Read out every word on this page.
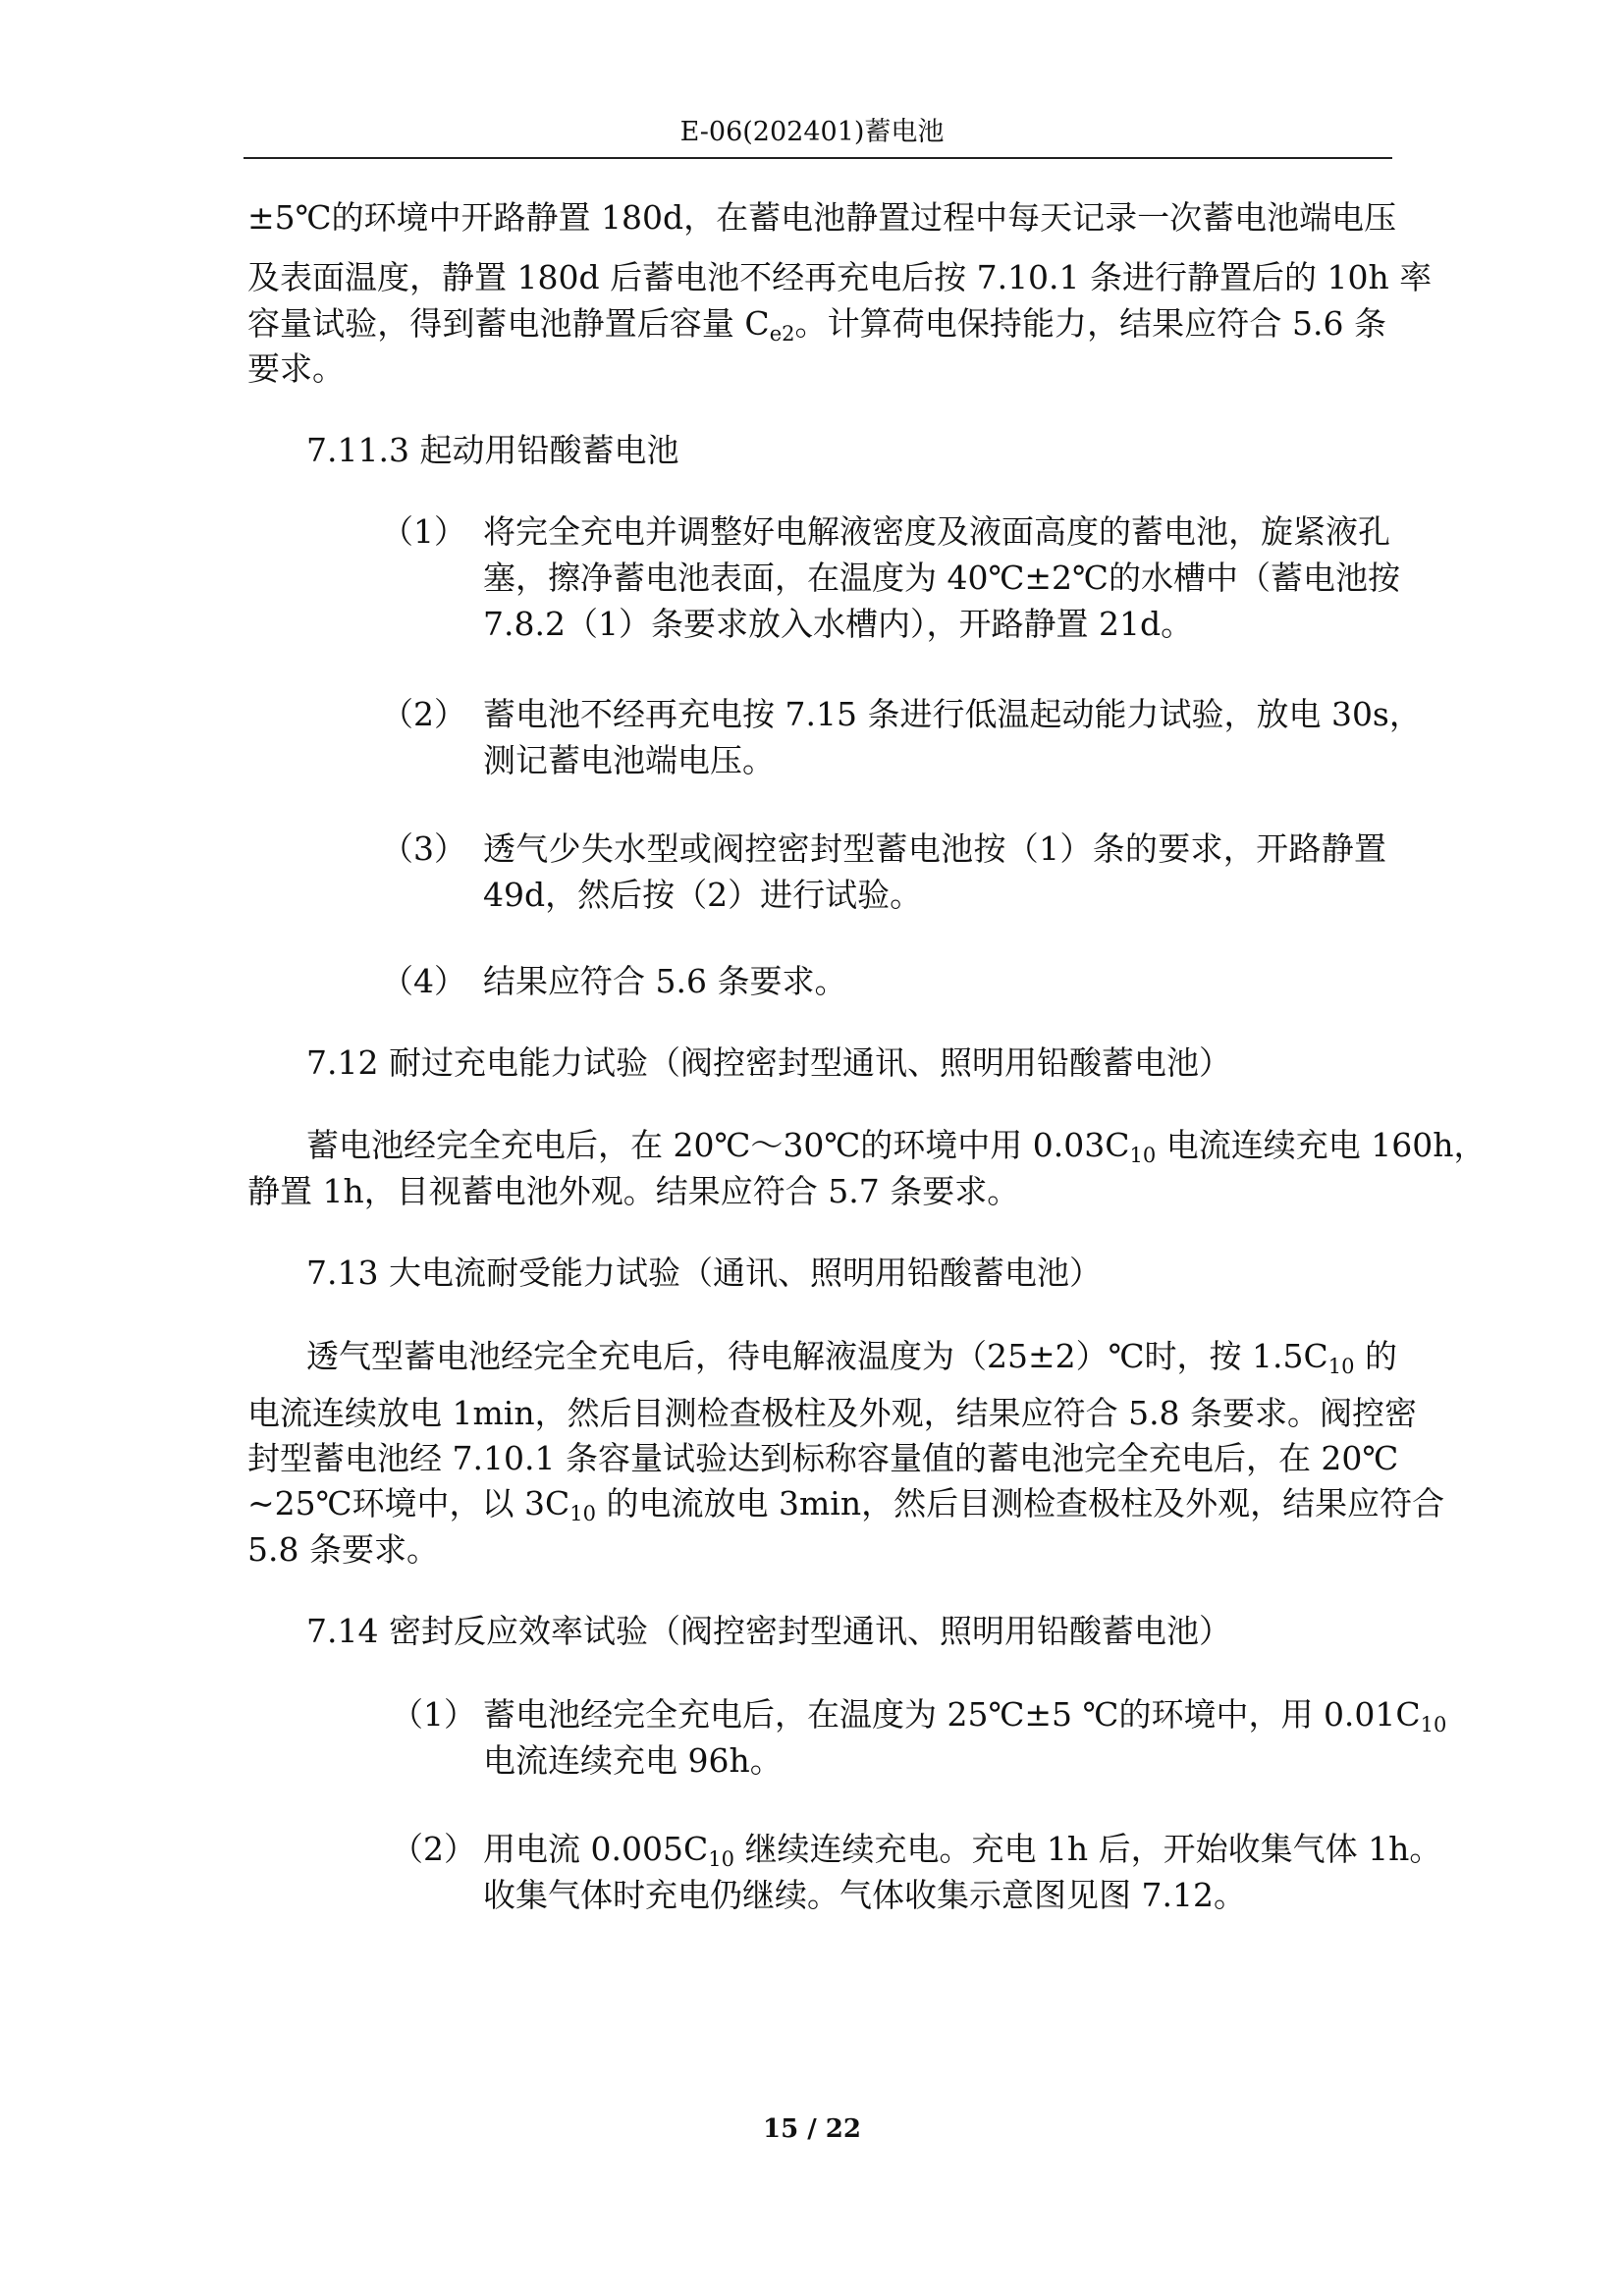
E-06(202401)蓄电池
±5℃的环境中开路静置 180d，在蓄电池静置过程中每天记录一次蓄电池端电压
及表面温度，静置 180d 后蓄电池不经再充电后按 7.10.1 条进行静置后的 10h 率
容量试验，得到蓄电池静置后容量 $C_{e2}$。计算荷电保持能力，结果应符合 5.6 条
要求。
7.11.3 起动用铅酸蓄电池
（1） 将完全充电并调整好电解液密度及液面高度的蓄电池，旋紧液孔
塞，擦净蓄电池表面，在温度为 40℃±2℃的水槽中（蓄电池按
7.8.2（1）条要求放入水槽内），开路静置 21d。
（2） 蓄电池不经再充电按 7.15 条进行低温起动能力试验，放电 30s，
测记蓄电池端电压。
（3） 透气少失水型或阀控密封型蓄电池按（1）条的要求，开路静置
49d，然后按（2）进行试验。
（4） 结果应符合 5.6 条要求。
7.12 耐过充电能力试验（阀控密封型通讯、照明用铅酸蓄电池）
蓄电池经完全充电后，在 20℃～30℃的环境中用 $0.03C_{10}$ 电流连续充电 160h，
静置 1h，目视蓄电池外观。结果应符合 5.7 条要求。
7.13 大电流耐受能力试验（通讯、照明用铅酸蓄电池）
透气型蓄电池经完全充电后，待电解液温度为（25±2）℃时，按 $1.5C_{10}$ 的
电流连续放电 1min，然后目测检查极柱及外观，结果应符合 5.8 条要求。阀控密
封型蓄电池经 7.10.1 条容量试验达到标称容量值的蓄电池完全充电后，在 20℃
~25℃环境中，以 $3C_{10}$ 的电流放电 3min，然后目测检查极柱及外观，结果应符合
5.8 条要求。
7.14 密封反应效率试验（阀控密封型通讯、照明用铅酸蓄电池）
（1） 蓄电池经完全充电后，在温度为 25℃±5 ℃的环境中，用 $0.01C_{10}$
电流连续充电 96h。
（2） 用电流 $0.005C_{10}$ 继续连续充电。充电 1h 后，开始收集气体 1h。
收集气体时充电仍继续。气体收集示意图见图 7.12。
15 / 22
